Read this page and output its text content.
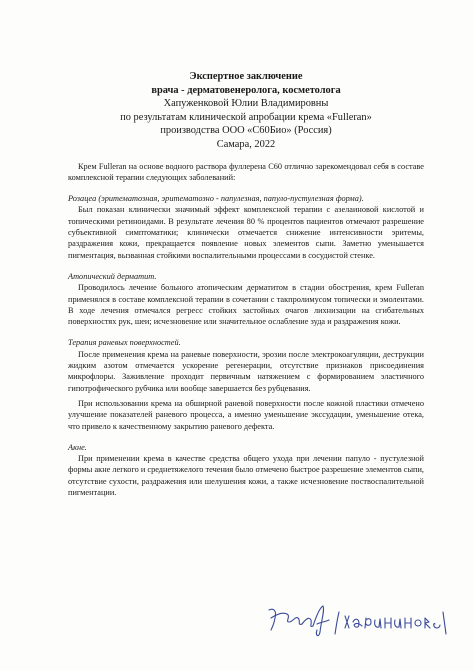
Экспертное заключение
врача - дерматовенеролога, косметолога
Хапуженковой Юлии Владимировны
по результатам клинической апробации крема «Fulleran»
производства ООО «С60Био» (Россия)
Самара, 2022

Крем Fulleran на основе водного раствора фуллерена С60 отлично зарекомендовал себя в составе комплексной терапии следующих заболеваний:

Розацеа (эритематозная, эритематозно - папулезная, папуло-пустулезная форма).

Был показан клинически значимый эффект комплексной терапии с азелаиновой кислотой и топическими ретиноидами. В результате лечения 80 % процентов пациентов отмечают разрешение субъективной симптоматики; клинически отмечается снижение интенсивности эритемы, раздражения кожи, прекращается появление новых элементов сыпи. Заметно уменьшается пигментация, вызванная стойкими воспалительными процессами в сосудистой стенке.

Атопический дерматит.

Проводилось лечение больного атопическим дерматитом в стадии обострения, крем Fulleran применялся в составе комплексной терапии в сочетании с такпролимусом топически и эмолентами. В ходе лечения отмечался регресс стойких застойных очагов лихнизации на сгибательных поверхностях рук, шеи; исчезновение или значительное ослабление зуда и раздражения кожи.

Терапия раневых поверхностей.

После применения крема на раневые поверхности, эрозии после электрокоагуляции, деструкции жидким азотом отмечается ускорение регенерации, отсутствие признаков присоединения микрофлоры. Заживление проходит первичным натяжением с формированием эластичного гипотрофического рубчика или вообще завершается без рубцевания.

При использовании крема на обширной раневой поверхности после кожной пластики отмечено улучшение показателей раневого процесса, а именно уменьшение экссудации, уменьшение отека, что привело к качественному закрытию раневого дефекта.

Акне.

При применении крема в качестве средства общего ухода при лечении папуло - пустулезной формы акне легкого и среднетяжелого течения было отмечено быстрое разрешение элементов сыпи, отсутствие сухости, раздражения или шелушения кожи, а также исчезновение поствоспалительной пигментации.
